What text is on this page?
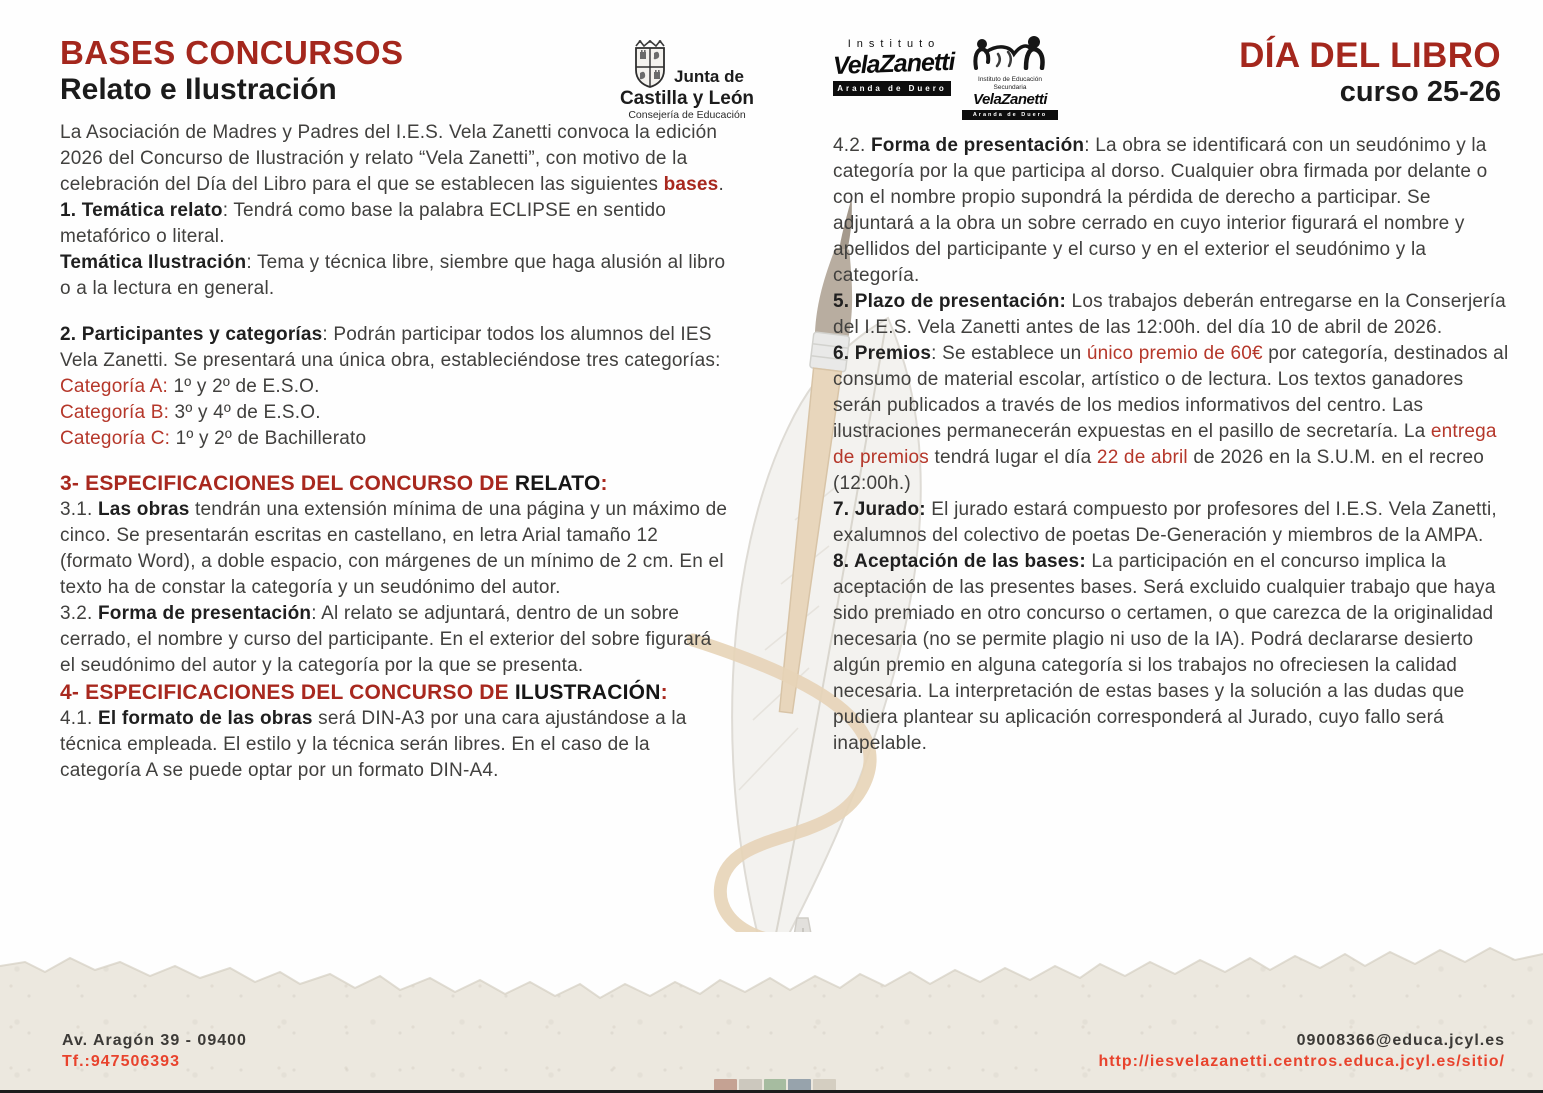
BASES CONCURSOS
Relato e Ilustración	Junta de
Castilla y León
Consejería de Educación
Instituto
VelaZanetti
Aranda de Duero
Instituto de Educación Secundaria
VelaZanetti
Aranda de Duero
DÍA DEL LIBRO
curso 25-26

La Asociación de Madres y Padres del I.E.S. Vela Zanetti convoca la edición 2026 del Concurso de Ilustración y relato “Vela Zanetti”, con motivo de la celebración del Día del Libro para el que se establecen las siguientes bases.

1. Temática relato: Tendrá como base la palabra ECLIPSE en sentido metafórico o literal.

Temática Ilustración: Tema y técnica libre, siembre que haga alusión al libro o a la lectura en general.

2. Participantes y categorías: Podrán participar todos los alumnos del IES Vela Zanetti. Se presentará una única obra, estableciéndose tres categorías:

Categoría A: 1º y 2º de E.S.O.

Categoría B: 3º y 4º de E.S.O.

Categoría C: 1º y 2º de Bachillerato

3- ESPECIFICACIONES DEL CONCURSO DE RELATO:

3.1. Las obras tendrán una extensión mínima de una página y un máximo de cinco. Se presentarán escritas en castellano, en letra Arial tamaño 12 (formato Word), a doble espacio, con márgenes de un mínimo de 2 cm. En el texto ha de constar la categoría y un seudónimo del autor.

3.2. Forma de presentación: Al relato se adjuntará, dentro de un sobre cerrado, el nombre y curso del participante. En el exterior del sobre figurará el seudónimo del autor y la categoría por la que se presenta.

4- ESPECIFICACIONES DEL CONCURSO DE ILUSTRACIÓN:

4.1. El formato de las obras será DIN-A3 por una cara ajustándose a la técnica empleada. El estilo y la técnica serán libres. En el caso de la categoría A se puede optar por un formato DIN-A4.

4.2. Forma de presentación: La obra se identificará con un seudónimo y la categoría por la que participa al dorso. Cualquier obra firmada por delante o con el nombre propio supondrá la pérdida de derecho a participar. Se adjuntará a la obra un sobre cerrado en cuyo interior figurará el nombre y apellidos del participante y el curso y en el exterior el seudónimo y la categoría.

5. Plazo de presentación: Los trabajos deberán entregarse en la Conserjería del I.E.S. Vela Zanetti antes de las 12:00h. del día 10 de abril de 2026.

6. Premios: Se establece un único premio de 60€ por categoría, destinados al consumo de material escolar, artístico o de lectura. Los textos ganadores serán publicados a través de los medios informativos del centro. Las ilustraciones permanecerán expuestas en el pasillo de secretaría. La entrega de premios tendrá lugar el día 22 de abril de 2026 en la S.U.M. en el recreo (12:00h.)

7. Jurado: El jurado estará compuesto por profesores del I.E.S. Vela Zanetti, exalumnos del colectivo de poetas De-Generación y miembros de la AMPA.

8. Aceptación de las bases: La participación en el concurso implica la aceptación de las presentes bases. Será excluido cualquier trabajo que haya sido premiado en otro concurso o certamen, o que carezca de la originalidad necesaria (no se permite plagio ni uso de la IA). Podrá declararse desierto algún premio en alguna categoría si los trabajos no ofreciesen la calidad necesaria. La interpretación de estas bases y la solución a las dudas que pudiera plantear su aplicación corresponderá al Jurado, cuyo fallo será inapelable.

Av. Aragón 39 - 09400
Tf.:947506393
09008366@educa.jcyl.es
http://iesvelazanetti.centros.educa.jcyl.es/sitio/
